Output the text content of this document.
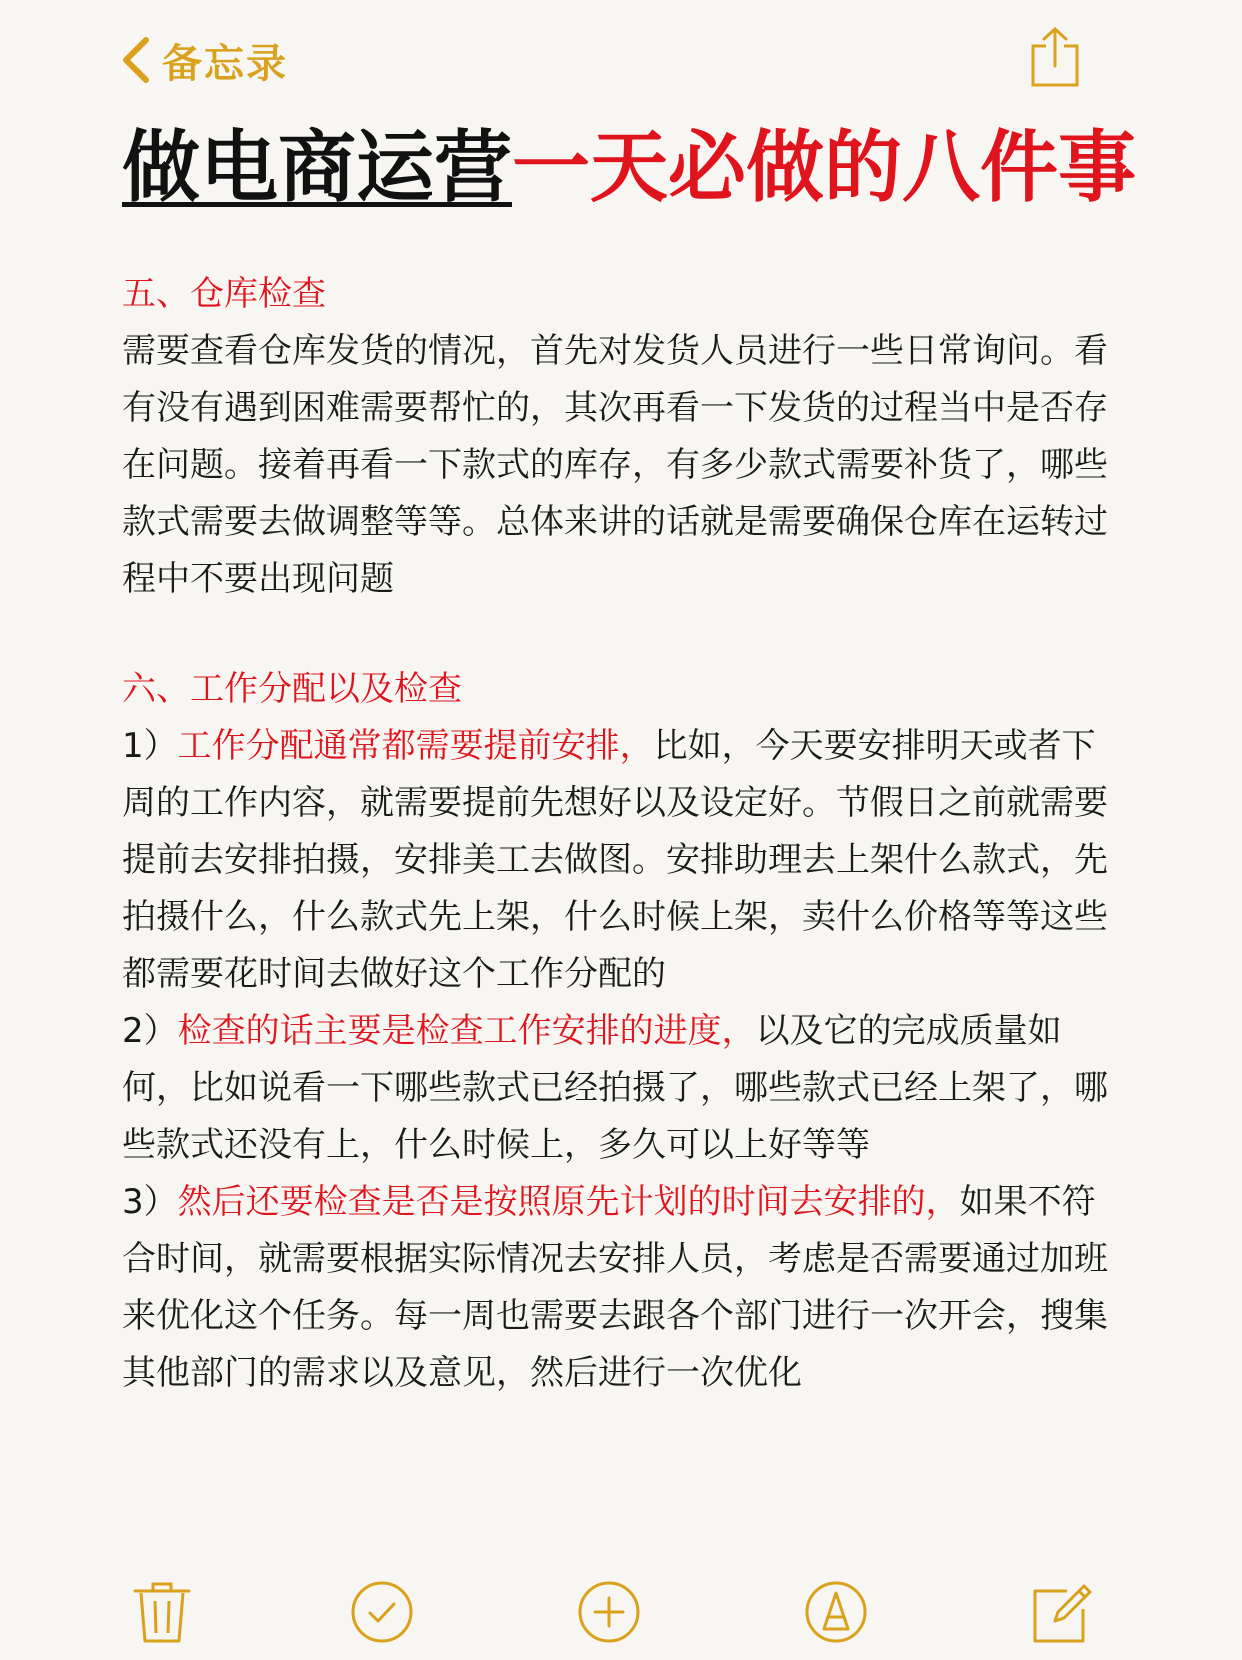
备忘录
做电商运营一天必做的八件事
五、仓库检查

需要查看仓库发货的情况，首先对发货人员进行一些日常询问。看有没有遇到困难需要帮忙的，其次再看一下发货的过程当中是否存在问题。接着再看一下款式的库存，有多少款式需要补货了，哪些款式需要去做调整等等。总体来讲的话就是需要确保仓库在运转过程中不要出现问题

六、工作分配以及检查

1）工作分配通常都需要提前安排，比如，今天要安排明天或者下周的工作内容，就需要提前先想好以及设定好。节假日之前就需要提前去安排拍摄，安排美工去做图。安排助理去上架什么款式，先拍摄什么，什么款式先上架，什么时候上架，卖什么价格等等这些都需要花时间去做好这个工作分配的

2）检查的话主要是检查工作安排的进度，以及它的完成质量如何，比如说看一下哪些款式已经拍摄了，哪些款式已经上架了，哪些款式还没有上，什么时候上，多久可以上好等等

3）然后还要检查是否是按照原先计划的时间去安排的，如果不符合时间，就需要根据实际情况去安排人员，考虑是否需要通过加班来优化这个任务。每一周也需要去跟各个部门进行一次开会，搜集其他部门的需求以及意见，然后进行一次优化
